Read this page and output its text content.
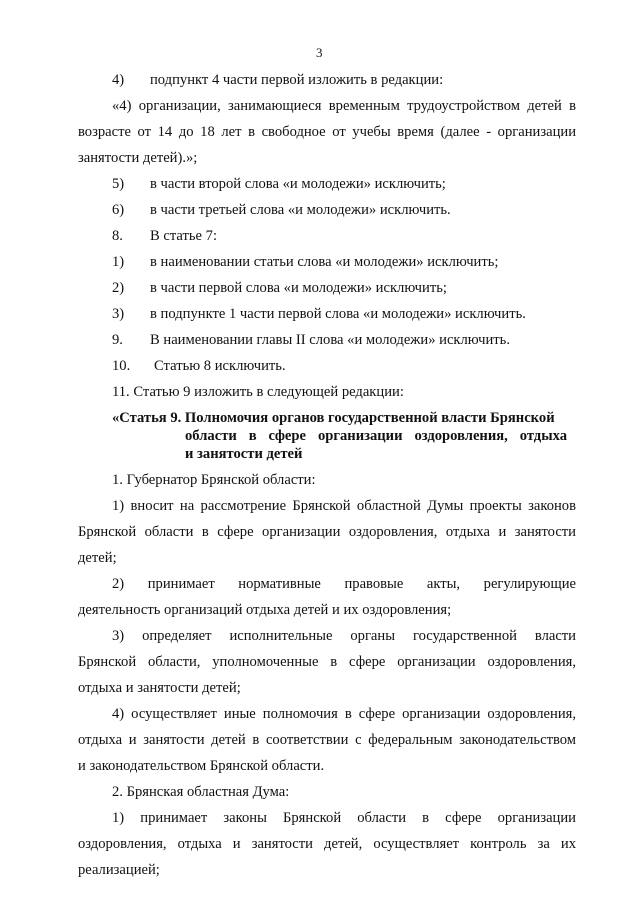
3
4) подпункт 4 части первой изложить в редакции:
«4) организации, занимающиеся временным трудоустройством детей в
возрасте от 14 до 18 лет в свободное от учебы время (далее - организации
занятости детей).»;
5) в части второй слова «и молодежи» исключить;
6) в части третьей слова «и молодежи» исключить.
8. В статье 7:
1) в наименовании статьи слова «и молодежи» исключить;
2) в части первой слова «и молодежи» исключить;
3) в подпункте 1 части первой слова «и молодежи» исключить.
9. В наименовании главы II слова «и молодежи» исключить.
10. Статью 8 исключить.
11. Статью 9 изложить в следующей редакции:
«Статья 9. Полномочия органов государственной власти Брянской
области в сфере организации оздоровления, отдыха
и занятости детей
1. Губернатор Брянской области:
1) вносит на рассмотрение Брянской областной Думы проекты законов
Брянской области в сфере организации оздоровления, отдыха и занятости
детей;
2) принимает нормативные правовые акты, регулирующие
деятельность организаций отдыха детей и их оздоровления;
3) определяет исполнительные органы государственной власти
Брянской области, уполномоченные в сфере организации оздоровления,
отдыха и занятости детей;
4) осуществляет иные полномочия в сфере организации оздоровления,
отдыха и занятости детей в соответствии с федеральным законодательством
и законодательством Брянской области.
2. Брянская областная Дума:
1) принимает законы Брянской области в сфере организации
оздоровления, отдыха и занятости детей, осуществляет контроль за их
реализацией;
